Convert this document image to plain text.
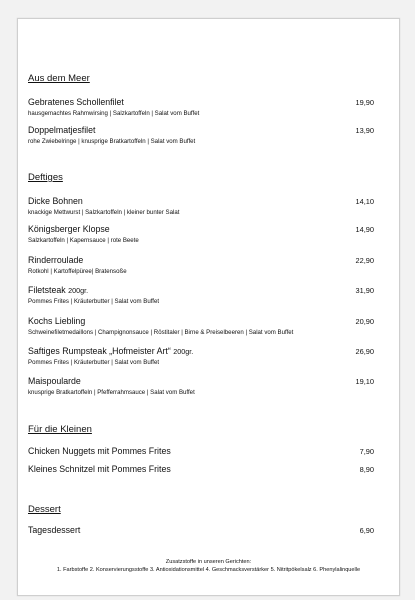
Aus dem Meer
Gebratenes Schollenfilet
hausgemachtes Rahmwirsing | Salzkartoffeln | Salat vom Buffet
19,90
Doppelmatjesfilet
rohe Zwiebelringe | knusprige Bratkartoffeln | Salat vom Buffet
13,90
Deftiges
Dicke Bohnen
knackige Mettwurst | Salzkartoffeln | kleiner bunter Salat
14,10
Königsberger Klopse
Salzkartoffeln | Kapernsauce | rote Beete
14,90
Rinderroulade
Rotkohl | Kartoffelpüree| Bratensoße
22,90
Filetsteak 200gr.
Pommes Frites | Kräuterbutter | Salat vom Buffet
31,90
Kochs Liebling
Schweinefiletmedaillons | Champignonsauce | Röstitaler | Birne & Preiselbeeren | Salat vom Buffet
20,90
Saftiges Rumpsteak „Hofmeister Art“ 200gr.
Pommes Frites | Kräuterbutter | Salat vom Buffet
26,90
Maispoularde
knusprige Bratkartoffeln | Pfefferrahmsauce | Salat vom Buffet
19,10
Für die Kleinen
Chicken Nuggets mit Pommes Frites	7,90
Kleines Schnitzel mit Pommes Frites	8,90
Dessert
Tagesdessert	6,90
Zusatzstoffe in unseren Gerichten:
1. Farbstoffe 2. Konservierungsstoffe 3. Antioxidationsmittel 4. Geschmacksverstärker 5. Nitritpökelsalz 6. Phenylalinquelle
